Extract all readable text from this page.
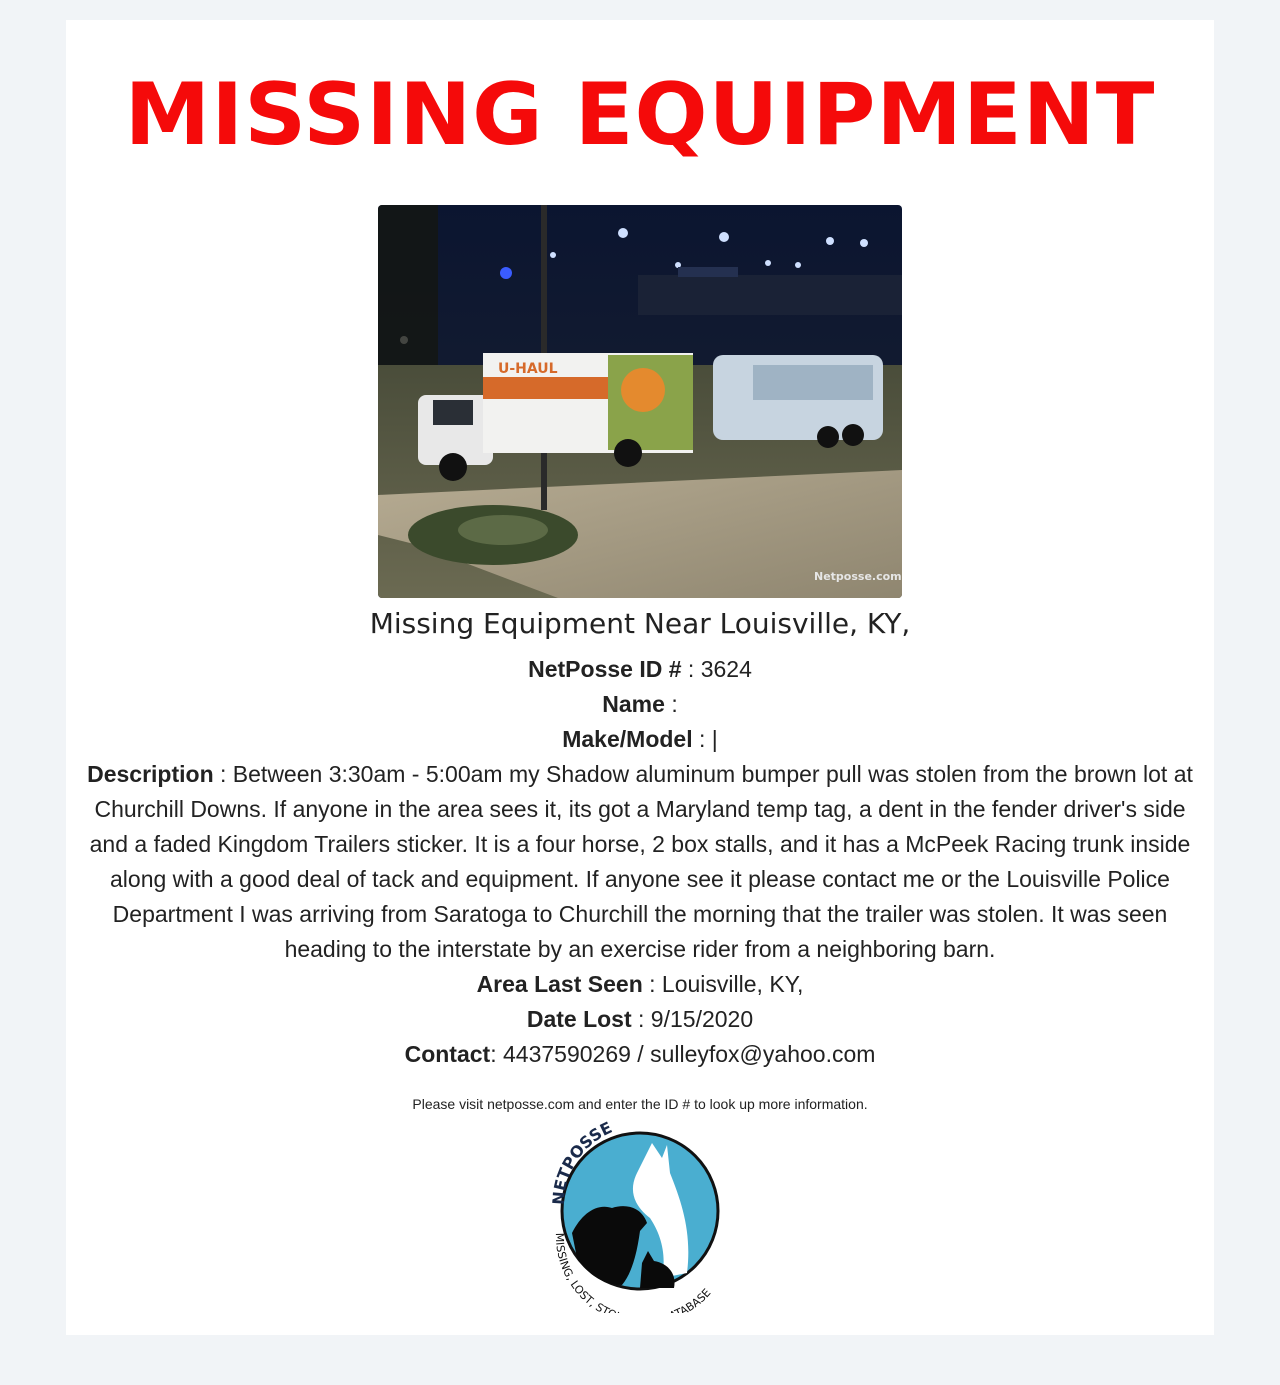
MISSING EQUIPMENT
U-HAUL
Netposse.com
Missing Equipment Near Louisville, KY,
NetPosse ID # : 3624
Name :
Make/Model : |
Description : Between 3:30am - 5:00am my Shadow aluminum bumper pull was stolen from the brown lot at Churchill Downs. If anyone in the area sees it, its got a Maryland temp tag, a dent in the fender driver's side and a faded Kingdom Trailers sticker. It is a four horse, 2 box stalls, and it has a McPeek Racing trunk inside along with a good deal of tack and equipment. If anyone see it please contact me or the Louisville Police Department I was arriving from Saratoga to Churchill the morning that the trailer was stolen. It was seen heading to the interstate by an exercise rider from a neighboring barn.
Area Last Seen : Louisville, KY,
Date Lost : 9/15/2020
Contact: 4437590269 / sulleyfox@yahoo.com
Please visit netposse.com and enter the ID # to look up more information.
NETPOSSE
MISSING, LOST, ST ABASE
